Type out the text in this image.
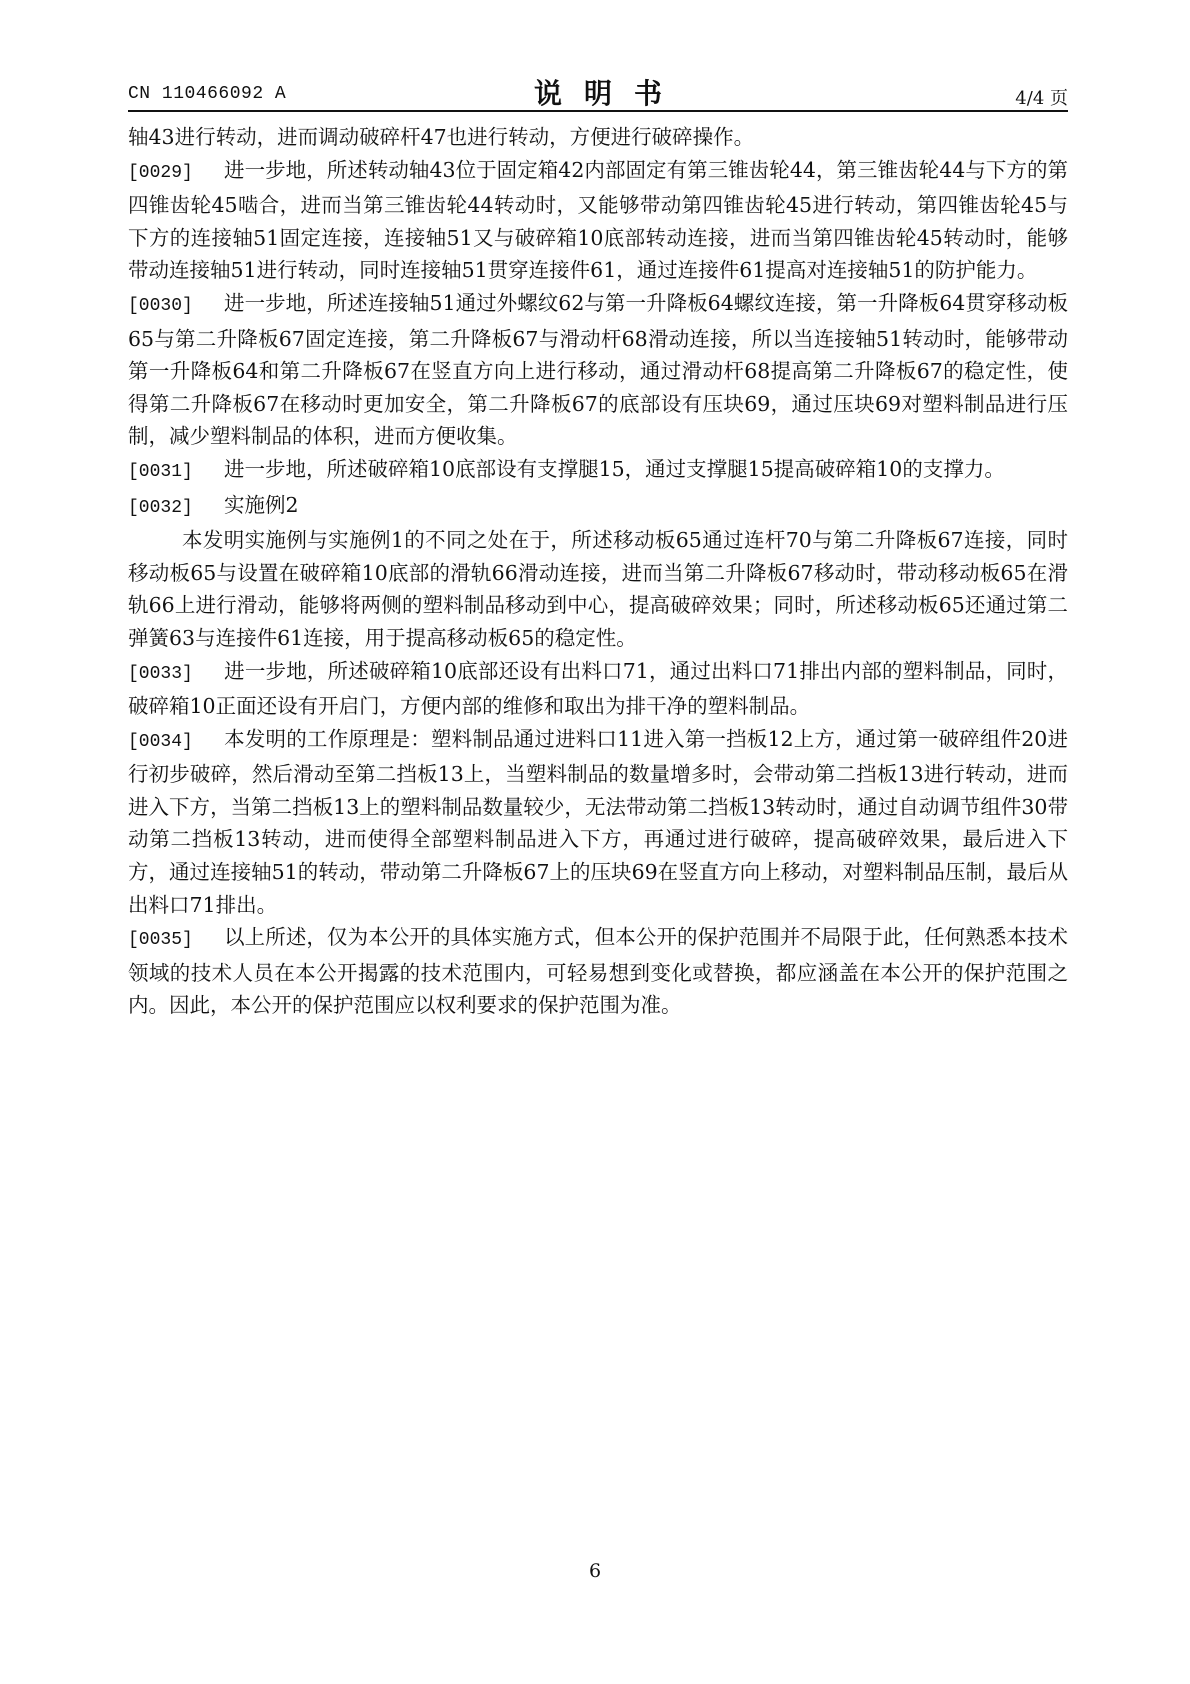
CN 110466092 A	说明书	4/4 页

轴43进行转动，进而调动破碎杆47也进行转动，方便进行破碎操作。

[0029] 进一步地，所述转动轴43位于固定箱42内部固定有第三锥齿轮44，第三锥齿轮44与下方的第四锥齿轮45啮合，进而当第三锥齿轮44转动时，又能够带动第四锥齿轮45进行转动，第四锥齿轮45与下方的连接轴51固定连接，连接轴51又与破碎箱10底部转动连接，进而当第四锥齿轮45转动时，能够带动连接轴51进行转动，同时连接轴51贯穿连接件61，通过连接件61提高对连接轴51的防护能力。

[0030] 进一步地，所述连接轴51通过外螺纹62与第一升降板64螺纹连接，第一升降板64贯穿移动板65与第二升降板67固定连接，第二升降板67与滑动杆68滑动连接，所以当连接轴51转动时，能够带动第一升降板64和第二升降板67在竖直方向上进行移动，通过滑动杆68提高第二升降板67的稳定性，使得第二升降板67在移动时更加安全，第二升降板67的底部设有压块69，通过压块69对塑料制品进行压制，减少塑料制品的体积，进而方便收集。

[0031] 进一步地，所述破碎箱10底部设有支撑腿15，通过支撑腿15提高破碎箱10的支撑力。

[0032] 实施例2

本发明实施例与实施例1的不同之处在于，所述移动板65通过连杆70与第二升降板67连接，同时移动板65与设置在破碎箱10底部的滑轨66滑动连接，进而当第二升降板67移动时，带动移动板65在滑轨66上进行滑动，能够将两侧的塑料制品移动到中心，提高破碎效果；同时，所述移动板65还通过第二弹簧63与连接件61连接，用于提高移动板65的稳定性。

[0033] 进一步地，所述破碎箱10底部还设有出料口71，通过出料口71排出内部的塑料制品，同时，破碎箱10正面还设有开启门，方便内部的维修和取出为排干净的塑料制品。

[0034] 本发明的工作原理是：塑料制品通过进料口11进入第一挡板12上方，通过第一破碎组件20进行初步破碎，然后滑动至第二挡板13上，当塑料制品的数量增多时，会带动第二挡板13进行转动，进而进入下方，当第二挡板13上的塑料制品数量较少，无法带动第二挡板13转动时，通过自动调节组件30带动第二挡板13转动，进而使得全部塑料制品进入下方，再通过进行破碎，提高破碎效果，最后进入下方，通过连接轴51的转动，带动第二升降板67上的压块69在竖直方向上移动，对塑料制品压制，最后从出料口71排出。

[0035] 以上所述，仅为本公开的具体实施方式，但本公开的保护范围并不局限于此，任何熟悉本技术领域的技术人员在本公开揭露的技术范围内，可轻易想到变化或替换，都应涵盖在本公开的保护范围之内。因此，本公开的保护范围应以权利要求的保护范围为准。

6
